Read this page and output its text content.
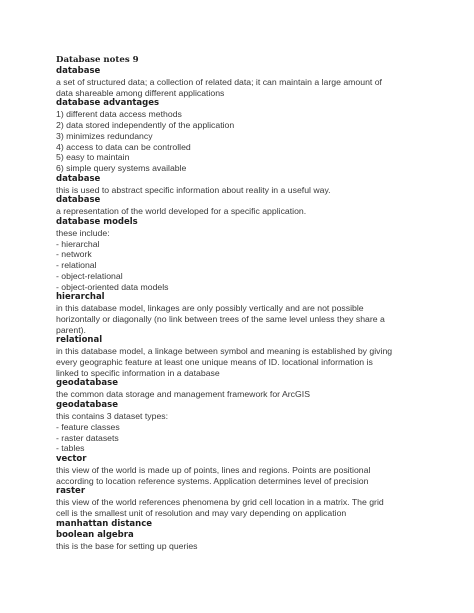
Database notes 9

database

a set of structured data; a collection of related data; it can maintain a large amount of

data shareable among different applications

database advantages

1) different data access methods

2) data stored independently of the application

3) minimizes redundancy

4) access to data can be controlled

5) easy to maintain

6) simple query systems available

database

this is used to abstract specific information about reality in a useful way.

database

a representation of the world developed for a specific application.

database models

these include:

- hierarchal

- network

- relational

- object-relational

- object-oriented data models

hierarchal

in this database model, linkages are only possibly vertically and are not possible

horizontally or diagonally (no link between trees of the same level unless they share a

parent).

relational

in this database model, a linkage between symbol and meaning is established by giving

every geographic feature at least one unique means of ID. locational information is

linked to specific information in a database

geodatabase

the common data storage and management framework for ArcGIS

geodatabase

this contains 3 dataset types:

- feature classes

- raster datasets

- tables

vector

this view of the world is made up of points, lines and regions. Points are positional

according to location reference systems. Application determines level of precision

raster

this view of the world references phenomena by grid cell location in a matrix. The grid

cell is the smallest unit of resolution and may vary depending on application

manhattan distance

boolean algebra

this is the base for setting up queries
